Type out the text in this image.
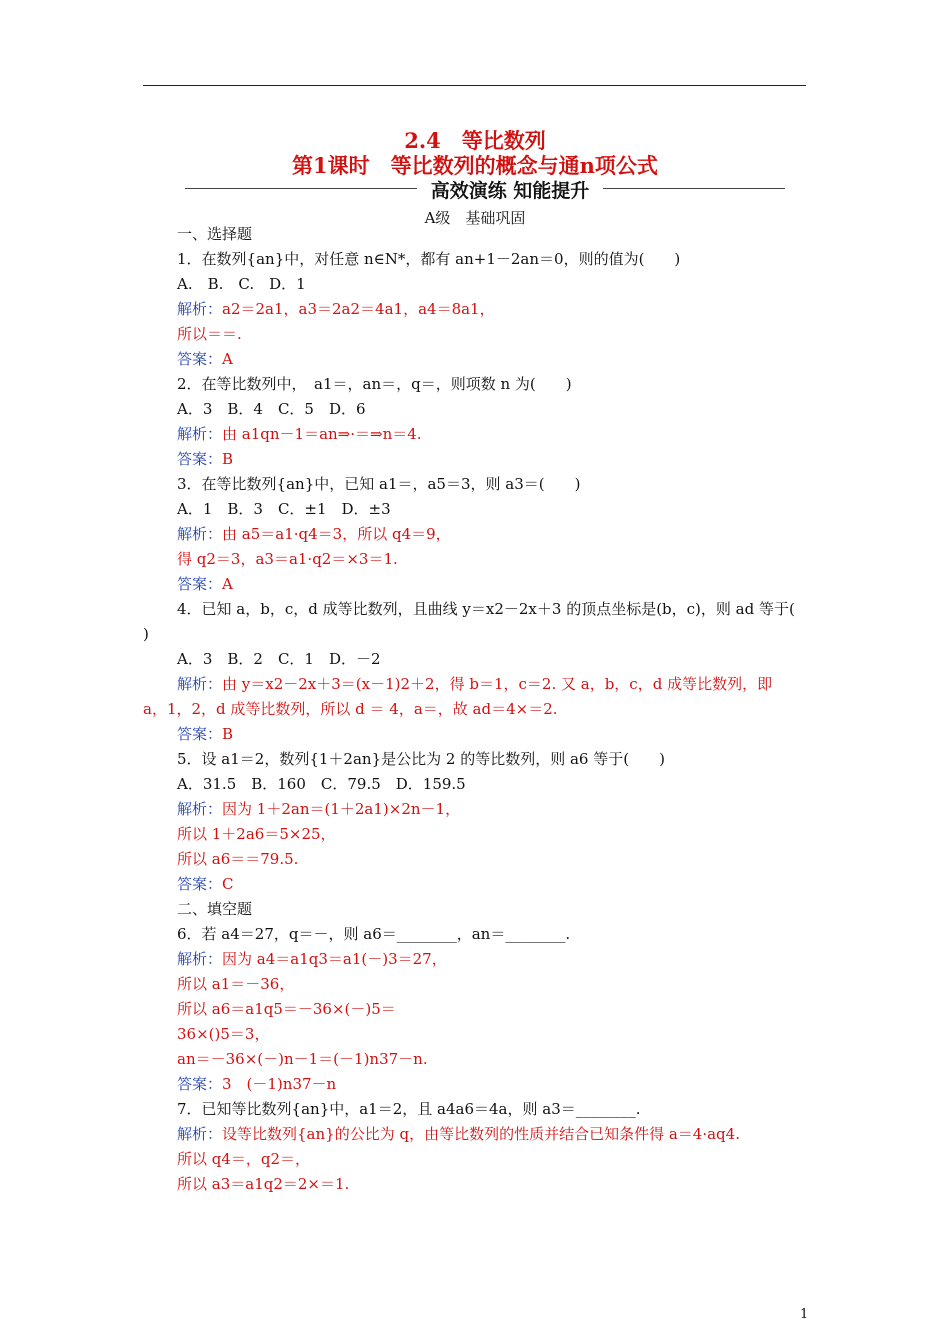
2.4　等比数列
第1课时　等比数列的概念与通n项公式
高效演练 知能提升
A级　基础巩固
一、选择题
1．在数列{an}中，对任意 n∈N*，都有 an+1－2an＝0，则的值为(　　)
A.　B.　C.　D．1
解析：a2＝2a1，a3＝2a2＝4a1，a4＝8a1，
所以＝＝.
答案：A
2．在等比数列中，　a1＝，an＝，q＝，则项数 n 为(　　)
A．3　B．4　C．5　D．6
解析：由 a1qn－1＝an⇒·＝⇒n＝4.
答案：B
3．在等比数列{an}中，已知 a1＝，a5＝3，则 a3＝(　　)
A．1　B．3　C．±1　D．±3
解析：由 a5＝a1·q4＝3，所以 q4＝9，
得 q2＝3，a3＝a1·q2＝×3＝1.
答案：A
4．已知 a，b，c，d 成等比数列，且曲线 y＝x2－2x＋3 的顶点坐标是(b，c)，则 ad 等于(
)
A．3　B．2　C．1　D．－2
解析：由 y＝x2－2x＋3＝(x－1)2＋2，得 b＝1，c＝2. 又 a，b，c，d 成等比数列，即
a，1，2，d 成等比数列，所以 d ＝ 4，a＝，故 ad＝4×＝2.
答案：B
5．设 a1＝2，数列{1＋2an}是公比为 2 的等比数列，则 a6 等于(　　)
A．31.5　B．160　C．79.5　D．159.5
解析：因为 1＋2an＝(1＋2a1)×2n－1，
所以 1＋2a6＝5×25，
所以 a6＝＝79.5.
答案：C
二、填空题
6．若 a4＝27，q＝－，则 a6＝________，an＝________.
解析：因为 a4＝a1q3＝a1(－)3＝27，
所以 a1＝－36，
所以 a6＝a1q5＝－36×(－)5＝
36×()5＝3，
an＝－36×(－)n－1＝(－1)n37－n.
答案：3　(－1)n37－n
7．已知等比数列{an}中，a1＝2，且 a4a6＝4a，则 a3＝________.
解析：设等比数列{an}的公比为 q，由等比数列的性质并结合已知条件得 a＝4·aq4.
所以 q4＝，q2＝，
所以 a3＝a1q2＝2×＝1.
1
